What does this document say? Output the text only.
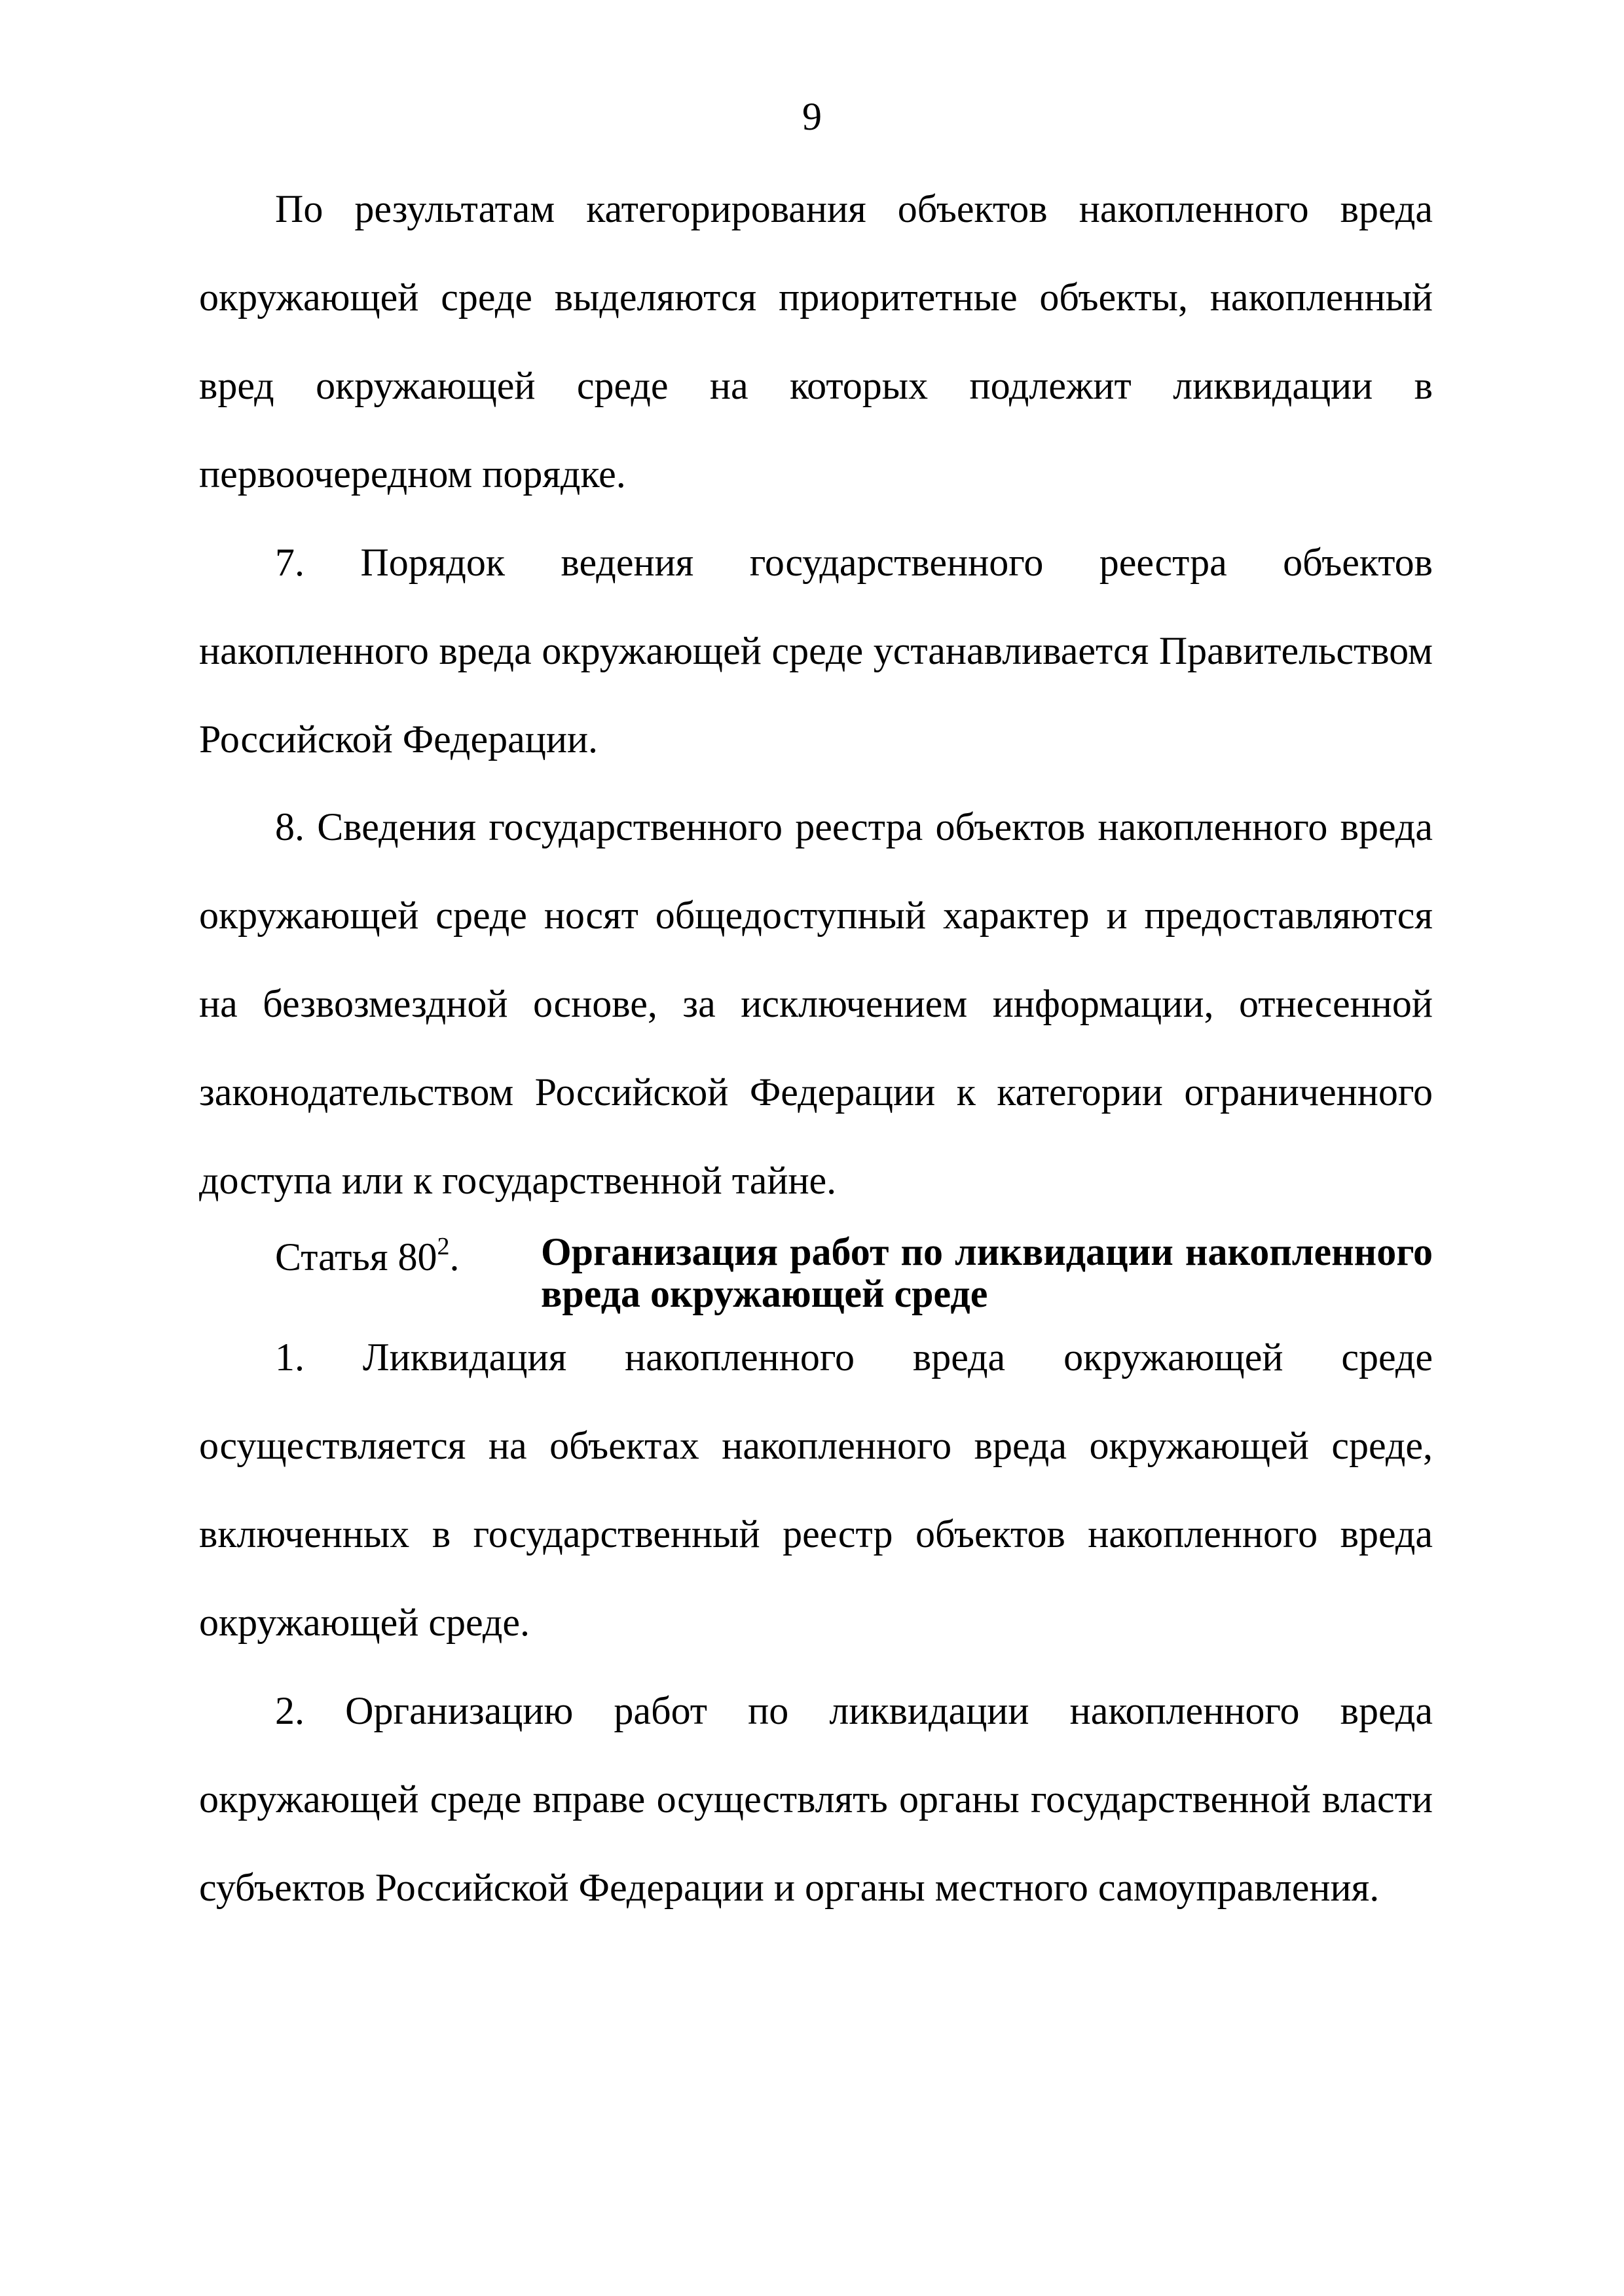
9

По результатам категорирования объектов накопленного вреда окружающей среде выделяются приоритетные объекты, накопленный вред окружающей среде на которых подлежит ликвидации в первоочередном порядке.

7. Порядок ведения государственного реестра объектов накопленного вреда окружающей среде устанавливается Правительством Российской Федерации.

8. Сведения государственного реестра объектов накопленного вреда окружающей среде носят общедоступный характер и предоставляются на безвозмездной основе, за исключением информации, отнесенной законодательством Российской Федерации к категории ограниченного доступа или к государственной тайне.

Статья $80^2$. Организация работ по ликвидации накопленного вреда окружающей среде

1. Ликвидация накопленного вреда окружающей среде осуществляется на объектах накопленного вреда окружающей среде, включенных в государственный реестр объектов накопленного вреда окружающей среде.

2. Организацию работ по ликвидации накопленного вреда окружающей среде вправе осуществлять органы государственной власти субъектов Российской Федерации и органы местного самоуправления.
